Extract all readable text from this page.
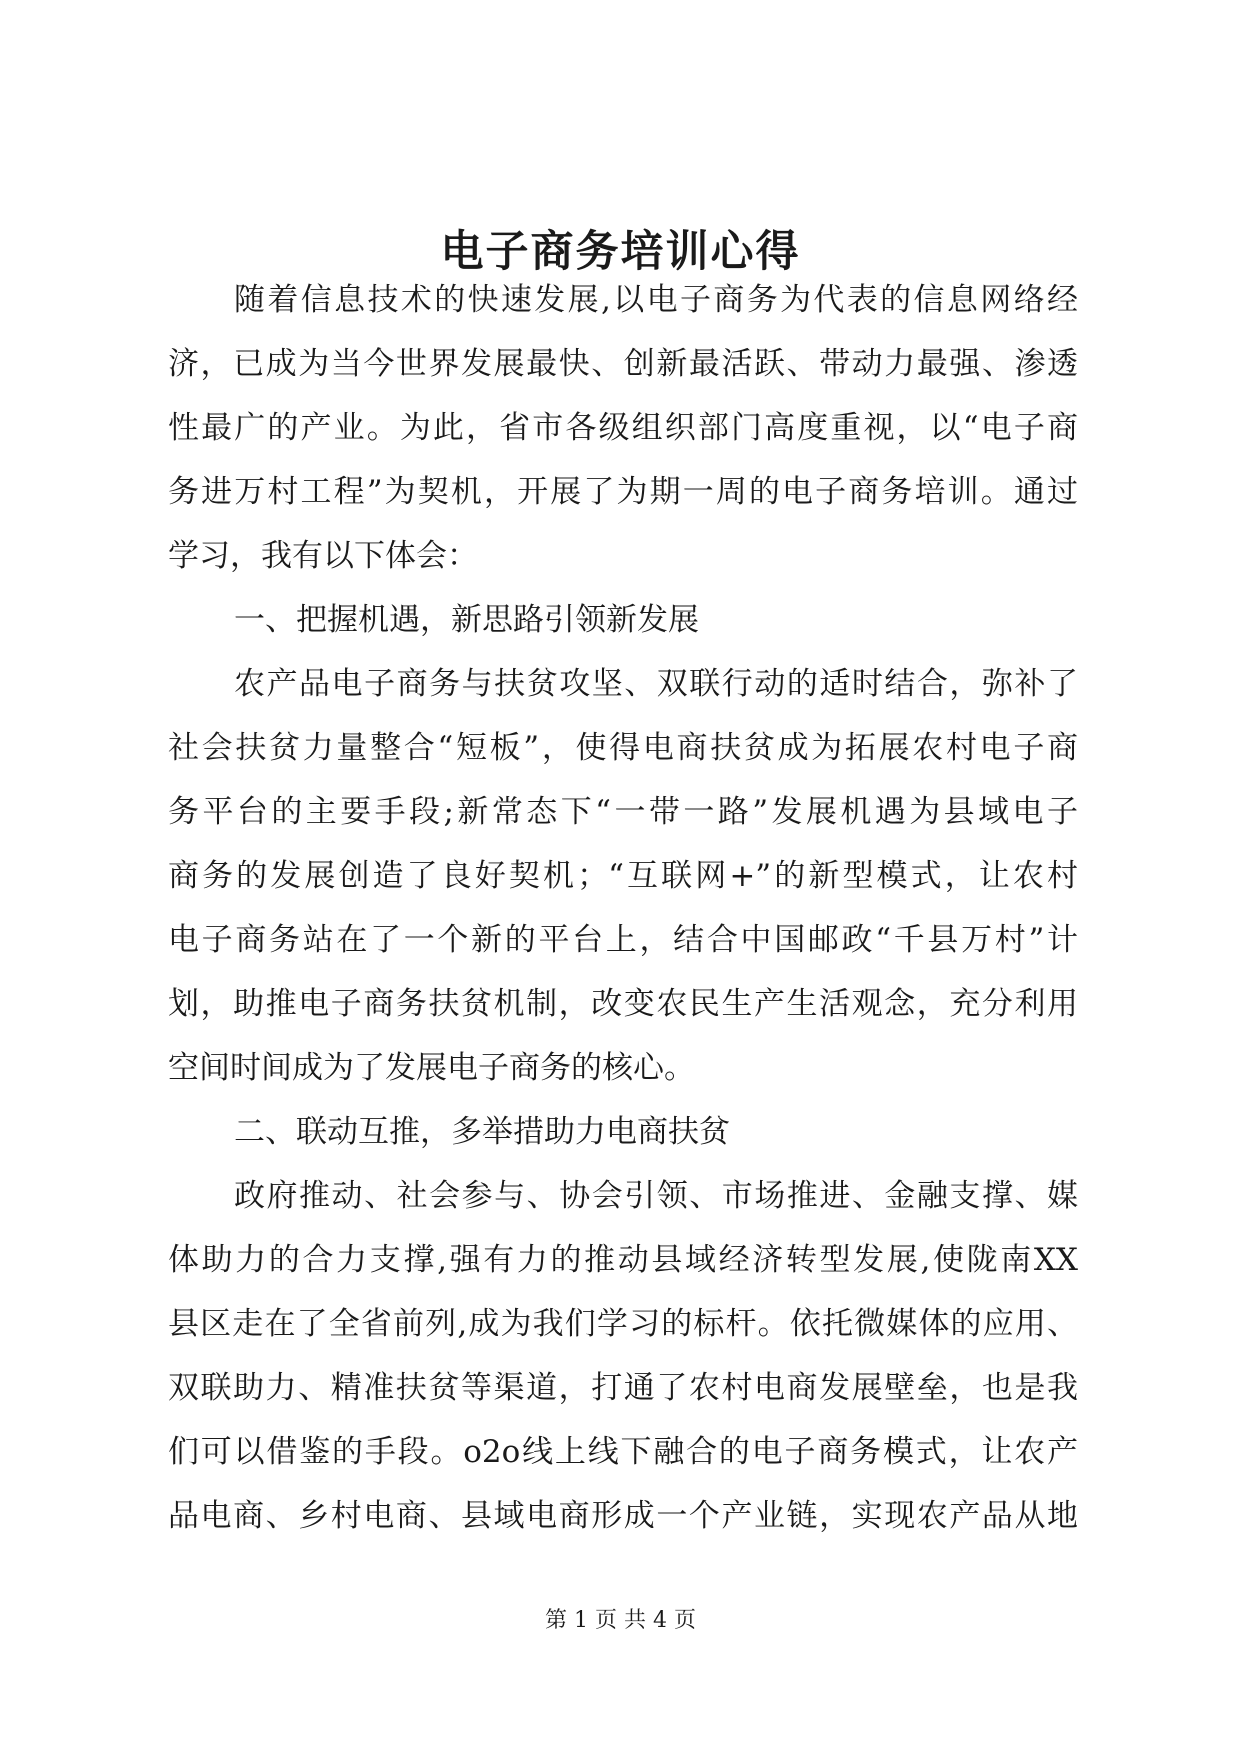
电子商务培训心得
随着信息技术的快速发展,以电子商务为代表的信息网络经
济，已成为当今世界发展最快、创新最活跃、带动力最强、渗透
性最广的产业。为此，省市各级组织部门高度重视，以“电子商
务进万村工程”为契机，开展了为期一周的电子商务培训。通过
学习，我有以下体会：
一、把握机遇，新思路引领新发展
农产品电子商务与扶贫攻坚、双联行动的适时结合，弥补了
社会扶贫力量整合“短板”，使得电商扶贫成为拓展农村电子商
务平台的主要手段;新常态下“一带一路”发展机遇为县域电子
商务的发展创造了良好契机；“互联网+”的新型模式，让农村
电子商务站在了一个新的平台上，结合中国邮政“千县万村”计
划，助推电子商务扶贫机制，改变农民生产生活观念，充分利用
空间时间成为了发展电子商务的核心。
二、联动互推，多举措助力电商扶贫
政府推动、社会参与、协会引领、市场推进、金融支撑、媒
体助力的合力支撑,强有力的推动县域经济转型发展,使陇南XX
县区走在了全省前列,成为我们学习的标杆。依托微媒体的应用、
双联助力、精准扶贫等渠道，打通了农村电商发展壁垒，也是我
们可以借鉴的手段。o2o线上线下融合的电子商务模式，让农产
品电商、乡村电商、县域电商形成一个产业链，实现农产品从地
第 1 页 共 4 页
